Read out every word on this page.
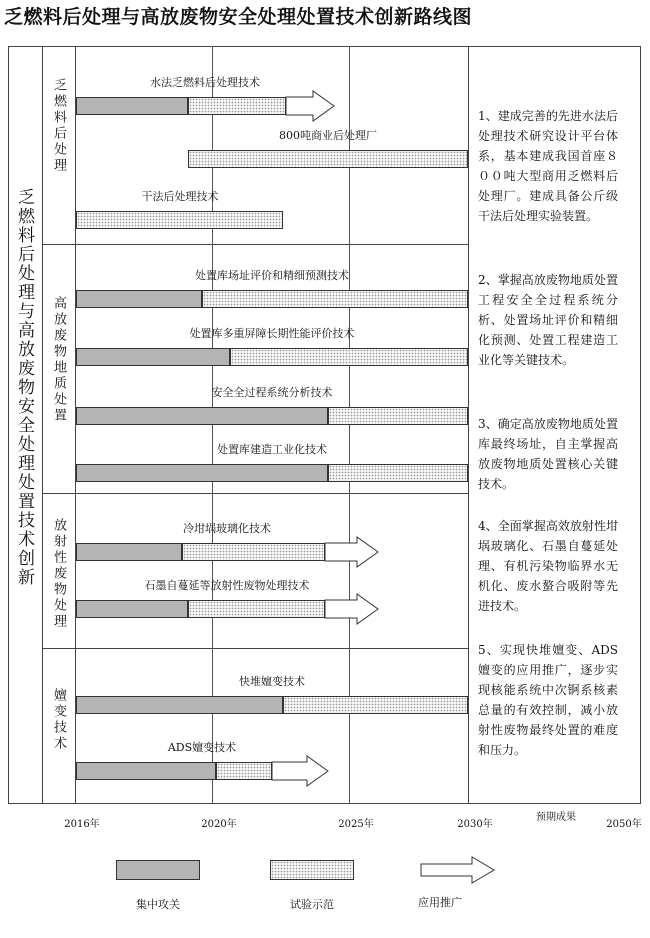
乏燃料后处理与高放废物安全处理处置技术创新路线图
乏燃料后处理与高放废物安全处理处置技术创新
乏燃料后处理
高放废物地质处置
放射性废物处理
嬗变技术
水法乏燃料后处理技术
800吨商业后处理厂
干法后处理技术
处置库场址评价和精细预测技术
处置库多重屏障长期性能评价技术
安全全过程系统分析技术
处置库建造工业化技术
冷坩埚玻璃化技术
石墨自蔓延等放射性废物处理技术
快堆嬗变技术
ADS嬗变技术
1、建成完善的先进水法后处理技术研究设计平台体系，基本建成我国首座８００吨大型商用乏燃料后处理厂。建成具备公斤级干法后处理实验装置。
2、掌握高放废物地质处置工程安全全过程系统分析、处置场址评价和精细化预测、处置工程建造工业化等关键技术。
3、确定高放废物地质处置库最终场址，自主掌握高放废物地质处置核心关键技术。
4、全面掌握高效放射性坩埚玻璃化、石墨自蔓延处理、有机污染物临界水无机化、废水螯合吸附等先进技术。
5、实现快堆嬗变、ADS嬗变的应用推广，逐步实现核能系统中次锕系核素总量的有效控制，减小放射性废物最终处置的难度和压力。
2016年	2020年	2025年	2030年
预期成果
2050年
集中攻关	试验示范	应用推广
